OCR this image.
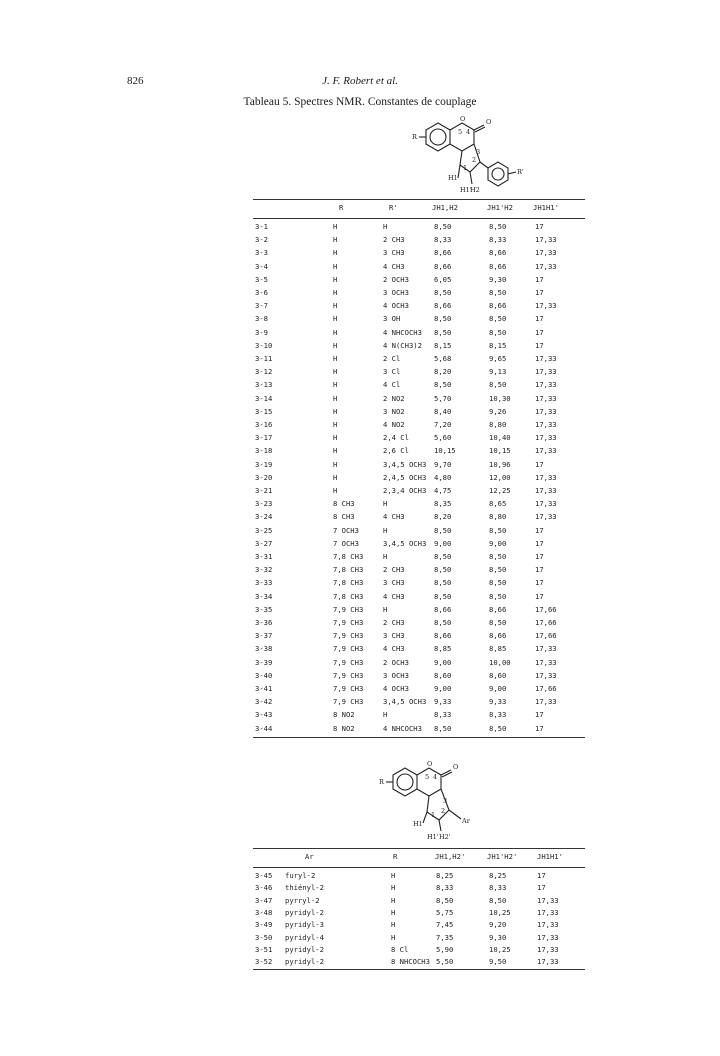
826	J. F. Robert et al.
Tableau 5. Spectres NMR. Constantes de couplage
O	O
4
5
3
2
1
R
R'
H1
H1'
H2
R	R'	JH1,H2	JH1'H2	JH1H1'
3-1	H	H	8,50	8,50	17
3-2	H	2 CH3	8,33	8,33	17,33
3-3	H	3 CH3	8,66	8,66	17,33
3-4	H	4 CH3	8,66	8,66	17,33
3-5	H	2 OCH3	6,05	9,30	17
3-6	H	3 OCH3	8,50	8,50	17
3-7	H	4 OCH3	8,66	8,66	17,33
3-8	H	3 OH	8,50	8,50	17
3-9	H	4 NHCOCH3 8,50	8,50	17
3-10	H	4 N(CH3)2 8,15	8,15	17
3-11	H	2 Cl	5,68	9,65	17,33
3-12	H	3 Cl	8,20	9,13	17,33
3-13	H	4 Cl	8,50	8,50	17,33
3-14	H	2 NO2	5,70	10,30	17,33
3-15	H	3 NO2	8,40	9,26	17,33
3-16	H	4 NO2	7,20	8,80	17,33
3-17	H	2,4 Cl	5,60	10,40	17,33
3-18	H	2,6 Cl	10,15	10,15	17,33
3-19	H	3,4,5 OCH3 9,70	10,96	17
3-20	H	2,4,5 OCH3 4,80	12,00	17,33
3-21	H	2,3,4 OCH3 4,75	12,25	17,33
3-23	8 CH3	H	8,35	8,65	17,33
3-24	8 CH3	4 CH3	8,20	8,80	17,33
3-25	7 OCH3	H	8,50	8,50	17
3-27	7 OCH3	3,4,5 OCH3 9,00	9,00	17
3-31	7,8 CH3	H	8,50	8,50	17
3-32	7,8 CH3	2 CH3	8,50	8,50	17
3-33	7,8 CH3	3 CH3	8,50	8,50	17
3-34	7,8 CH3	4 CH3	8,50	8,50	17
3-35	7,9 CH3	H	8,66	8,66	17,66
3-36	7,9 CH3	2 CH3	8,50	8,50	17,66
3-37	7,9 CH3	3 CH3	8,66	8,66	17,66
3-38	7,9 CH3	4 CH3	8,85	8,85	17,33
3-39	7,9 CH3	2 OCH3	9,00	10,00	17,33
3-40	7,9 CH3	3 OCH3	8,60	8,60	17,33
3-41	7,9 CH3	4 OCH3	9,00	9,00	17,66
3-42	7,9 CH3	3,4,5 OCH3 9,33	9,33	17,33
3-43	8 NO2	H	8,33	8,33	17
3-44	8 NO2	4 NHCOCH3 8,50	8,50	17
O	O
5 4
3
2
1
R
Ar
H1
H1' H2'
Ar	R	JH1,H2'	JH1'H2'	JH1H1'
3-45 furyl-2	H	8,25	8,25	17
3-46 thiényl-2	H	8,33	8,33	17
3-47 pyrryl-2	H	8,50	8,50	17,33
3-48 pyridyl-2	H	5,75	10,25	17,33
3-49 pyridyl-3	H	7,45	9,20	17,33
3-50 pyridyl-4	H	7,35	9,30	17,33
3-51 pyridyl-2	8 Cl	5,90	10,25	17,33
3-52 pyridyl-2	8 NHCOCH3 5,50	9,50	17,33
